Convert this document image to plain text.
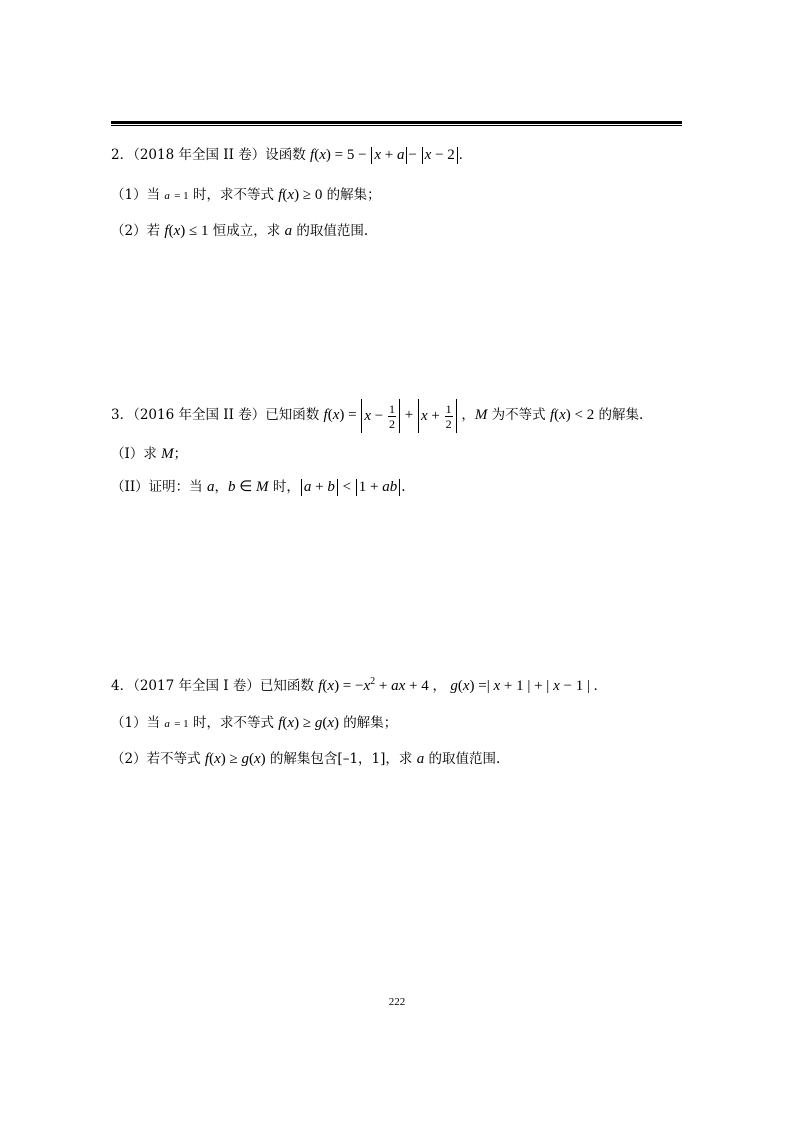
2．（2018 年全国 II 卷）设函数 f(x) = 5 − x + a − x − 2 .
（1）当 a = 1 时，求不等式 f(x) ≥ 0 的解集；
（2）若 f(x) ≤ 1 恒成立，求 a 的取值范围.
3．（2016 年全国 II 卷）已知函数 $f(x) = x - \frac{1}{2} + x + \frac{1}{2}$ ，M 为不等式 f(x) < 2 的解集.
（I）求 M；
（II）证明：当 a，b ∈ M 时， a + b < 1 + ab .
4．（2017 年全国 I 卷）已知函数 $f(x) = -x^2$ + ax + 4 ， g(x) =| x + 1 | + | x − 1 | .
（1）当 a = 1 时，求不等式 f(x) ≥ g(x) 的解集；
（2）若不等式 f(x) ≥ g(x) 的解集包含[–1，1]，求 a 的取值范围.
222
